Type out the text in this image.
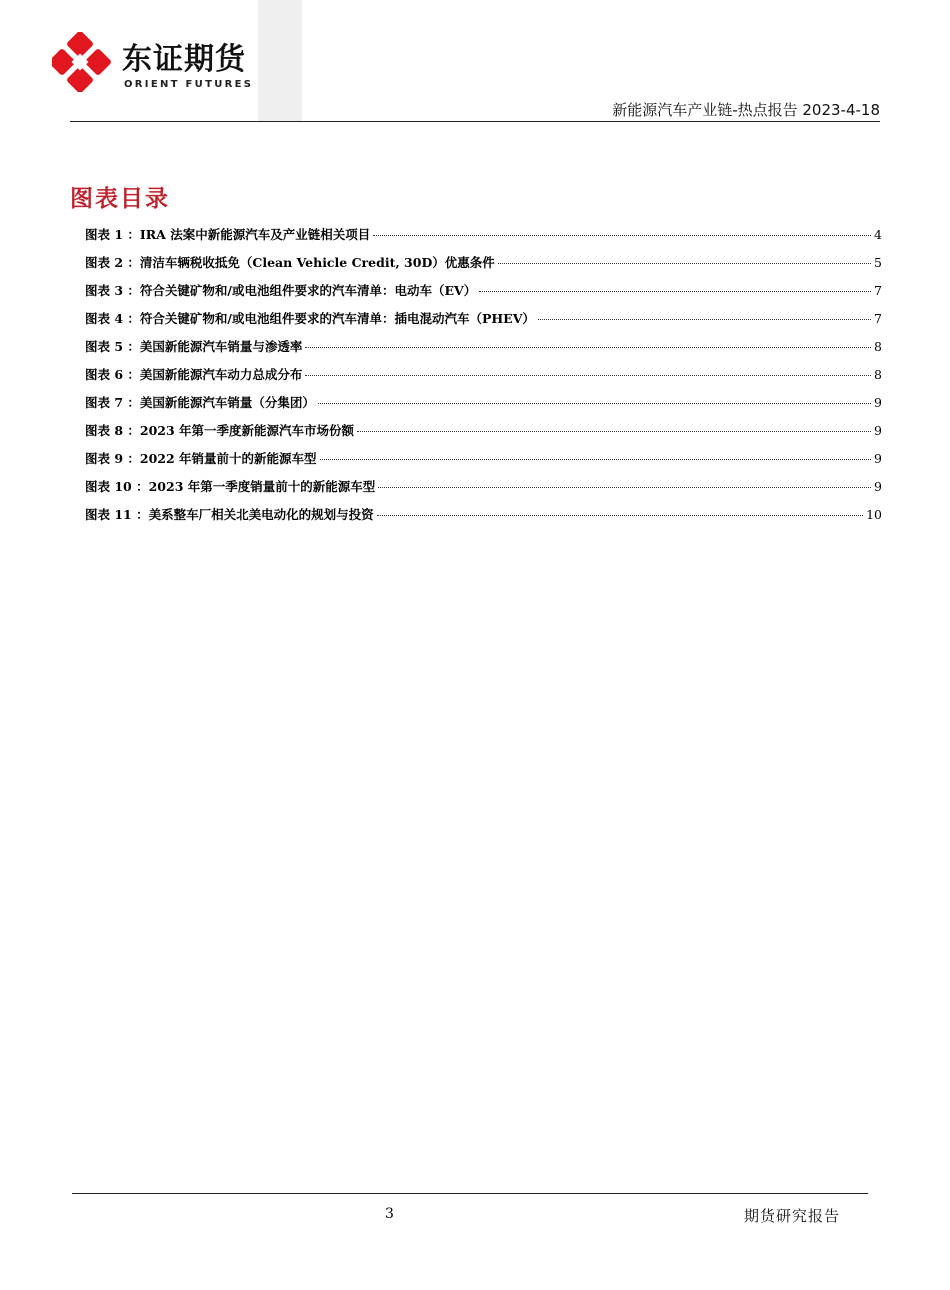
东证期货
ORIENT FUTURES
新能源汽车产业链-热点报告 2023-4-18
图表目录
图表 1 ： IRA 法案中新能源汽车及产业链相关项目	4
图表 2 ： 清洁车辆税收抵免（Clean Vehicle Credit, 30D）优惠条件	5
图表 3 ： 符合关键矿物和/或电池组件要求的汽车清单：电动车（EV）	7
图表 4 ： 符合关键矿物和/或电池组件要求的汽车清单：插电混动汽车（PHEV）	7
图表 5 ： 美国新能源汽车销量与渗透率	8
图表 6 ： 美国新能源汽车动力总成分布	8
图表 7 ： 美国新能源汽车销量（分集团）	9
图表 8 ： 2023 年第一季度新能源汽车市场份额	9
图表 9 ： 2022 年销量前十的新能源车型	9
图表 10 ： 2023 年第一季度销量前十的新能源车型	9
图表 11 ： 美系整车厂相关北美电动化的规划与投资	10
3	期货研究报告
